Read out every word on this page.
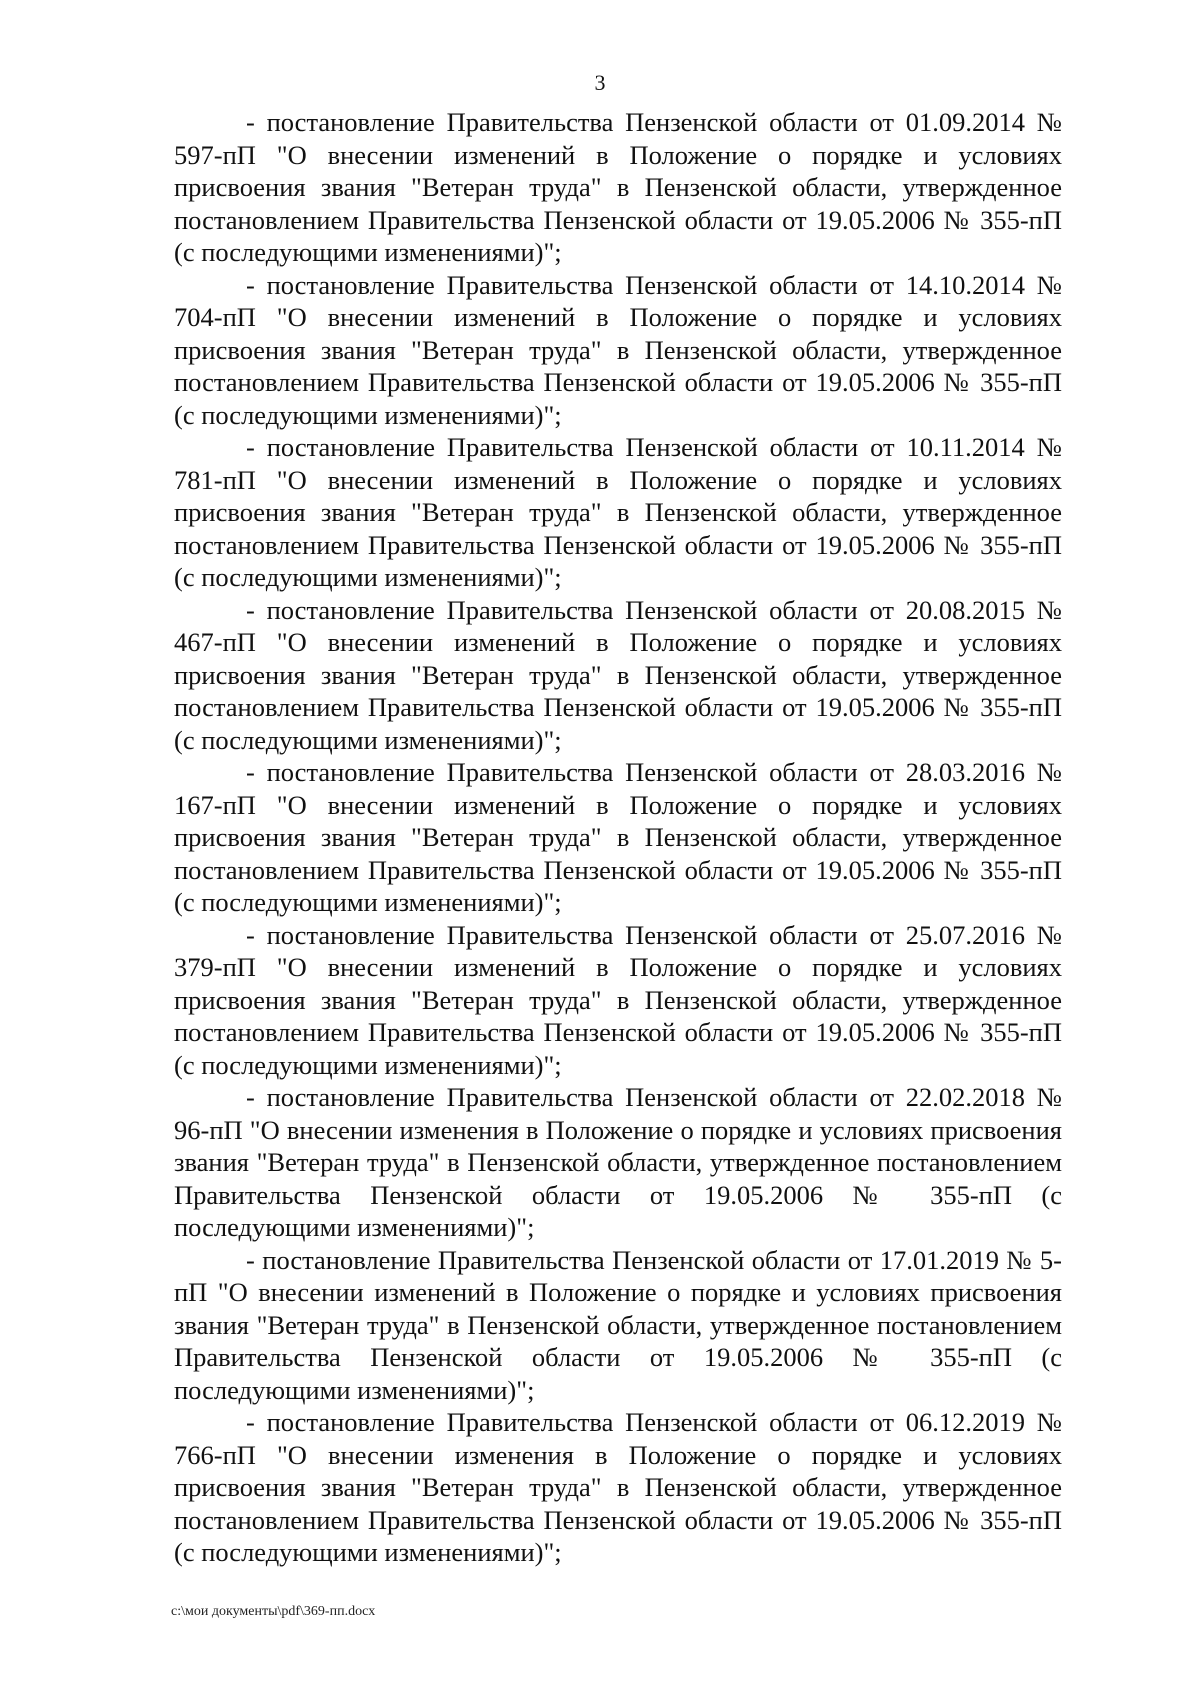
3

- постановление Правительства Пензенской области от 01.09.2014 № 597-пП "О внесении изменений в Положение о порядке и условиях присвоения звания "Ветеран труда" в Пензенской области, утвержденное постановлением Правительства Пензенской области от 19.05.2006 № 355-пП (с последующими изменениями)";

- постановление Правительства Пензенской области от 14.10.2014 № 704-пП "О внесении изменений в Положение о порядке и условиях присвоения звания "Ветеран труда" в Пензенской области, утвержденное постановлением Правительства Пензенской области от 19.05.2006 № 355-пП (с последующими изменениями)";

- постановление Правительства Пензенской области от 10.11.2014 № 781-пП "О внесении изменений в Положение о порядке и условиях присвоения звания "Ветеран труда" в Пензенской области, утвержденное постановлением Правительства Пензенской области от 19.05.2006 № 355-пП (с последующими изменениями)";

- постановление Правительства Пензенской области от 20.08.2015 № 467-пП "О внесении изменений в Положение о порядке и условиях присвоения звания "Ветеран труда" в Пензенской области, утвержденное постановлением Правительства Пензенской области от 19.05.2006 № 355-пП (с последующими изменениями)";

- постановление Правительства Пензенской области от 28.03.2016 № 167-пП "О внесении изменений в Положение о порядке и условиях присвоения звания "Ветеран труда" в Пензенской области, утвержденное постановлением Правительства Пензенской области от 19.05.2006 № 355-пП (с последующими изменениями)";

- постановление Правительства Пензенской области от 25.07.2016 № 379-пП "О внесении изменений в Положение о порядке и условиях присвоения звания "Ветеран труда" в Пензенской области, утвержденное постановлением Правительства Пензенской области от 19.05.2006 № 355-пП (с последующими изменениями)";

- постановление Правительства Пензенской области от 22.02.2018 № 96-пП "О внесении изменения в Положение о порядке и условиях присвоения звания "Ветеран труда" в Пензенской области, утвержденное постановлением Правительства Пензенской области от 19.05.2006 № 355-пП (с последующими изменениями)";

- постановление Правительства Пензенской области от 17.01.2019 № 5-пП "О внесении изменений в Положение о порядке и условиях присвоения звания "Ветеран труда" в Пензенской области, утвержденное постановлением Правительства Пензенской области от 19.05.2006 № 355-пП (с последующими изменениями)";

- постановление Правительства Пензенской области от 06.12.2019 № 766-пП "О внесении изменения в Положение о порядке и условиях присвоения звания "Ветеран труда" в Пензенской области, утвержденное постановлением Правительства Пензенской области от 19.05.2006 № 355-пП (с последующими изменениями)";

c:\мои документы\pdf\369-пп.docx
